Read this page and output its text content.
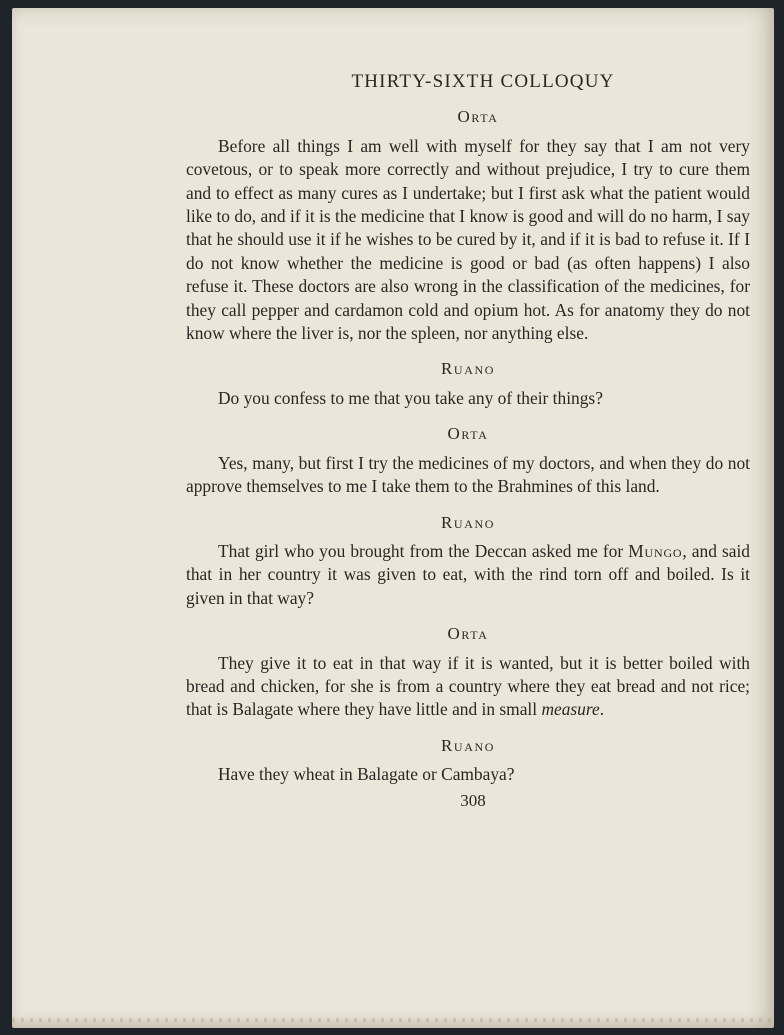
THIRTY-SIXTH COLLOQUY
Orta

Before all things I am well with myself for they say that I am not very covetous, or to speak more correctly and without prejudice, I try to cure them and to effect as many cures as I undertake; but I first ask what the patient would like to do, and if it is the medicine that I know is good and will do no harm, I say that he should use it if he wishes to be cured by it, and if it is bad to refuse it. If I do not know whether the medicine is good or bad (as often happens) I also refuse it. These doctors are also wrong in the classification of the medicines, for they call pepper and cardamon cold and opium hot. As for anatomy they do not know where the liver is, nor the spleen, nor anything else.

Ruano

Do you confess to me that you take any of their things?

Orta

Yes, many, but first I try the medicines of my doctors, and when they do not approve themselves to me I take them to the Brahmines of this land.

Ruano

That girl who you brought from the Deccan asked me for Mungo, and said that in her country it was given to eat, with the rind torn off and boiled. Is it given in that way?

Orta

They give it to eat in that way if it is wanted, but it is better boiled with bread and chicken, for she is from a country where they eat bread and not rice; that is Balagate where they have little and in small measure.

Ruano

Have they wheat in Balagate or Cambaya?

308
